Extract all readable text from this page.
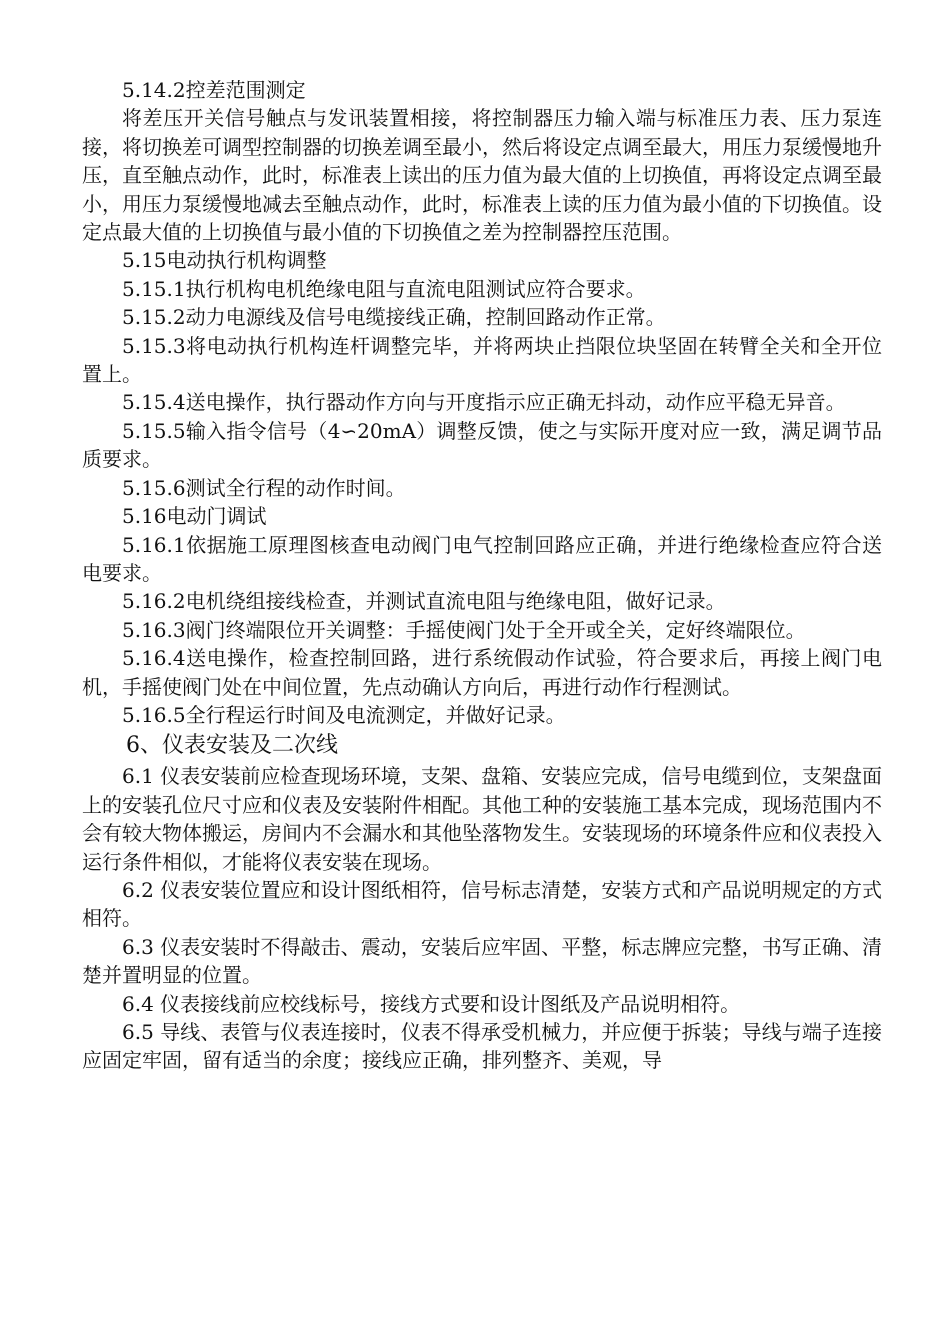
5.14.2控差范围测定

将差压开关信号触点与发讯装置相接，将控制器压力输入端与标准压力表、压力泵连接，将切换差可调型控制器的切换差调至最小，然后将设定点调至最大，用压力泵缓慢地升压，直至触点动作，此时，标准表上读出的压力值为最大值的上切换值，再将设定点调至最小，用压力泵缓慢地减去至触点动作，此时，标准表上读的压力值为最小值的下切换值。设定点最大值的上切换值与最小值的下切换值之差为控制器控压范围。

5.15电动执行机构调整

5.15.1执行机构电机绝缘电阻与直流电阻测试应符合要求。

5.15.2动力电源线及信号电缆接线正确，控制回路动作正常。

5.15.3将电动执行机构连杆调整完毕，并将两块止挡限位块坚固在转臂全关和全开位置上。

5.15.4送电操作，执行器动作方向与开度指示应正确无抖动，动作应平稳无异音。

5.15.5输入指令信号（4∽20mA）调整反馈，使之与实际开度对应一致，满足调节品质要求。

5.15.6测试全行程的动作时间。

5.16电动门调试

5.16.1依据施工原理图核查电动阀门电气控制回路应正确，并进行绝缘检查应符合送电要求。

5.16.2电机绕组接线检查，并测试直流电阻与绝缘电阻，做好记录。

5.16.3阀门终端限位开关调整：手摇使阀门处于全开或全关，定好终端限位。

5.16.4送电操作，检查控制回路，进行系统假动作试验，符合要求后，再接上阀门电机，手摇使阀门处在中间位置，先点动确认方向后，再进行动作行程测试。

5.16.5全行程运行时间及电流测定，并做好记录。

6、仪表安装及二次线

6.1 仪表安装前应检查现场环境，支架、盘箱、安装应完成，信号电缆到位，支架盘面上的安装孔位尺寸应和仪表及安装附件相配。其他工种的安装施工基本完成，现场范围内不会有较大物体搬运，房间内不会漏水和其他坠落物发生。安装现场的环境条件应和仪表投入运行条件相似，才能将仪表安装在现场。

6.2 仪表安装位置应和设计图纸相符，信号标志清楚，安装方式和产品说明规定的方式相符。

6.3 仪表安装时不得敲击、震动，安装后应牢固、平整，标志牌应完整，书写正确、清楚并置明显的位置。

6.4 仪表接线前应校线标号，接线方式要和设计图纸及产品说明相符。

6.5 导线、表管与仪表连接时，仪表不得承受机械力，并应便于拆装；导线与端子连接应固定牢固，留有适当的余度；接线应正确，排列整齐、美观，导
